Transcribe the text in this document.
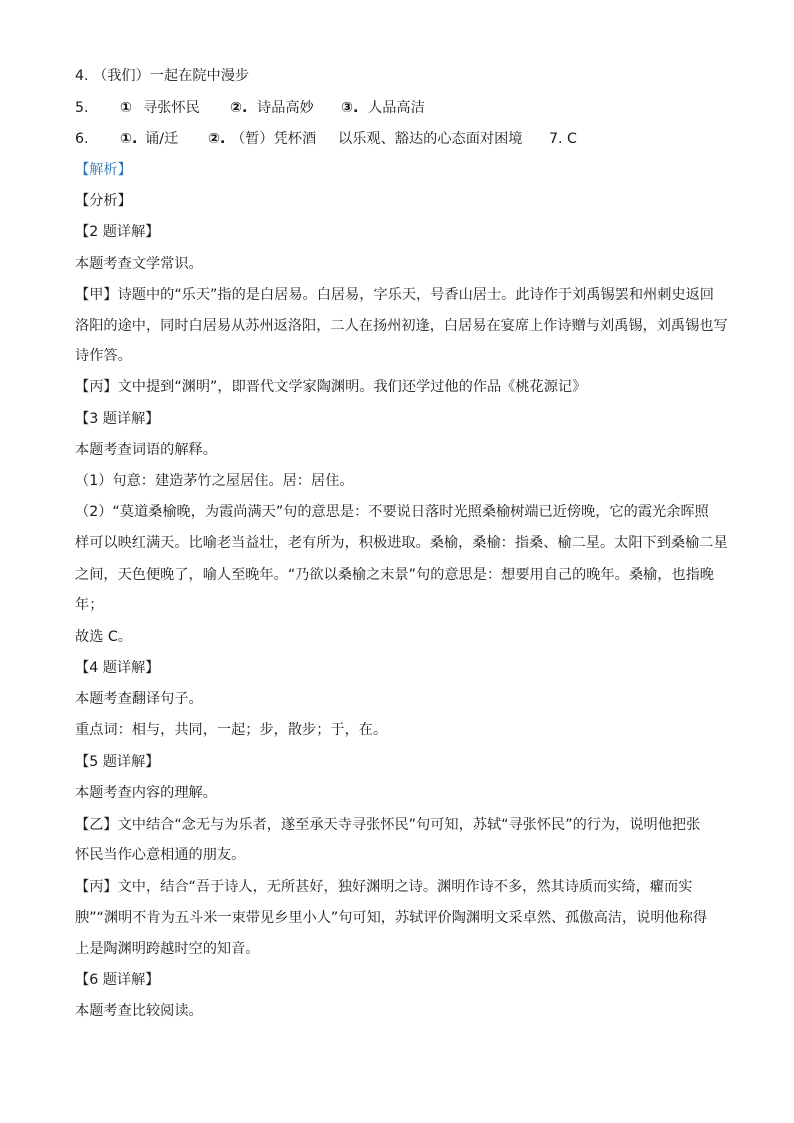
4. （我们）一起在院中漫步
5. ① 寻张怀民 ②. 诗品高妙 ③. 人品高洁
6. ①. 诵/迁 ②. （暂）凭杯酒 以乐观、豁达的心态面对困境 7. C
【解析】
【分析】
【2 题详解】
本题考查文学常识。
【甲】诗题中的“乐天”指的是白居易。白居易，字乐天，号香山居士。此诗作于刘禹锡罢和州刺史返回
洛阳的途中，同时白居易从苏州返洛阳，二人在扬州初逢，白居易在宴席上作诗赠与刘禹锡，刘禹锡也写
诗作答。
【丙】文中提到“渊明”，即晋代文学家陶渊明。我们还学过他的作品《桃花源记》
【3 题详解】
本题考查词语的解释。
（1）句意：建造茅竹之屋居住。居：居住。
（2）“莫道桑榆晚，为霞尚满天”句的意思是：不要说日落时光照桑榆树端已近傍晚，它的霞光余晖照
样可以映红满天。比喻老当益壮，老有所为，积极进取。桑榆，桑榆：指桑、榆二星。太阳下到桑榆二星
之间，天色便晚了，喻人至晚年。“乃欲以桑榆之末景”句的意思是：想要用自己的晚年。桑榆，也指晚
年；
故选 C。
【4 题详解】
本题考查翻译句子。
重点词：相与，共同，一起；步，散步；于，在。
【5 题详解】
本题考查内容的理解。
【乙】文中结合“念无与为乐者，遂至承天寺寻张怀民”句可知，苏轼“寻张怀民”的行为，说明他把张
怀民当作心意相通的朋友。
【丙】文中，结合“吾于诗人，无所甚好，独好渊明之诗。渊明作诗不多，然其诗质而实绮，癯而实
腴”“渊明不肯为五斗米一束带见乡里小人”句可知，苏轼评价陶渊明文采卓然、孤傲高洁，说明他称得
上是陶渊明跨越时空的知音。
【6 题详解】
本题考查比较阅读。
